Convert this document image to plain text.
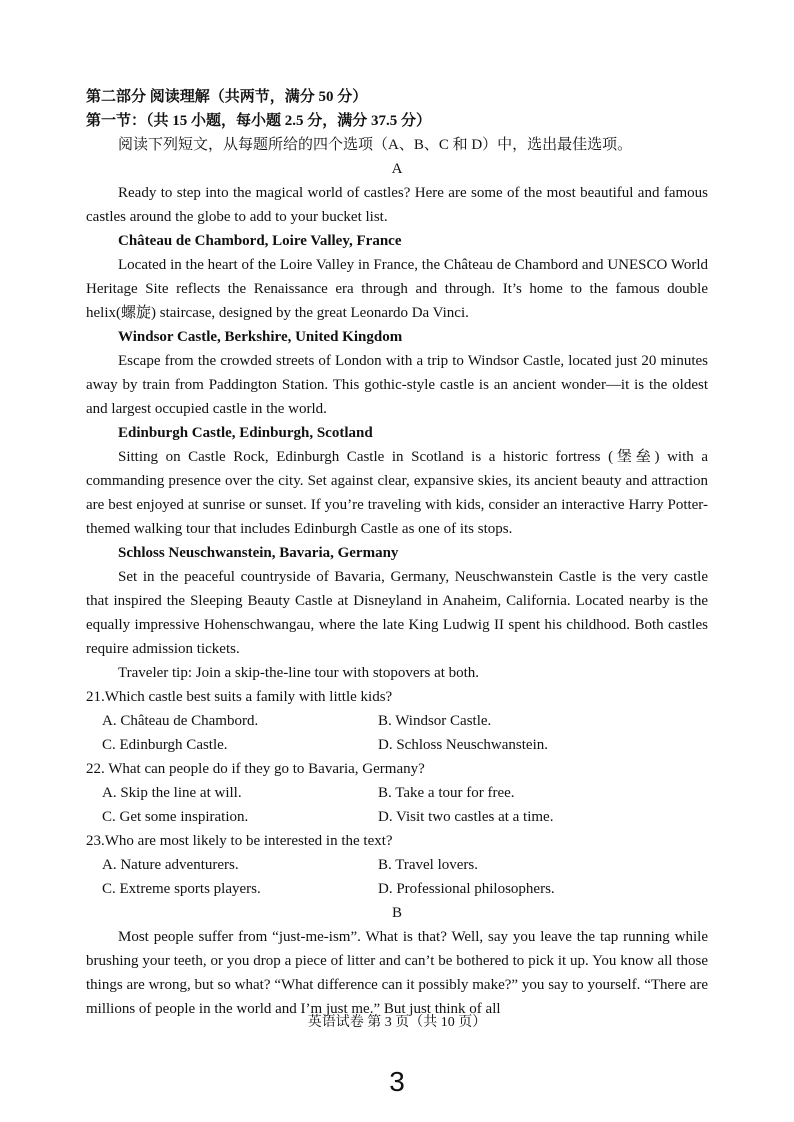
第二部分 阅读理解（共两节，满分 50 分）
第一节：（共 15 小题，每小题 2.5 分，满分 37.5 分）
阅读下列短文，从每题所给的四个选项（A、B、C 和 D）中，选出最佳选项。
A

Ready to step into the magical world of castles? Here are some of the most beautiful and famous castles around the globe to add to your bucket list.

Château de Chambord, Loire Valley, France

Located in the heart of the Loire Valley in France, the Château de Chambord and UNESCO World Heritage Site reflects the Renaissance era through and through. It’s home to the famous double helix(螺旋) staircase, designed by the great Leonardo Da Vinci.

Windsor Castle, Berkshire, United Kingdom

Escape from the crowded streets of London with a trip to Windsor Castle, located just 20 minutes away by train from Paddington Station. This gothic-style castle is an ancient wonder—it is the oldest and largest occupied castle in the world.

Edinburgh Castle, Edinburgh, Scotland

Sitting on Castle Rock, Edinburgh Castle in Scotland is a historic fortress (堡垒) with a commanding presence over the city. Set against clear, expansive skies, its ancient beauty and attraction are best enjoyed at sunrise or sunset. If you’re traveling with kids, consider an interactive Harry Potter-themed walking tour that includes Edinburgh Castle as one of its stops.

Schloss Neuschwanstein, Bavaria, Germany

Set in the peaceful countryside of Bavaria, Germany, Neuschwanstein Castle is the very castle that inspired the Sleeping Beauty Castle at Disneyland in Anaheim, California. Located nearby is the equally impressive Hohenschwangau, where the late King Ludwig II spent his childhood. Both castles require admission tickets.

Traveler tip: Join a skip-the-line tour with stopovers at both.
21.Which castle best suits a family with little kids?
A. Château de Chambord.	B. Windsor Castle.
C. Edinburgh Castle.	D. Schloss Neuschwanstein.
22. What can people do if they go to Bavaria, Germany?
A. Skip the line at will.	B. Take a tour for free.
C. Get some inspiration.	D. Visit two castles at a time.
23.Who are most likely to be interested in the text?
A. Nature adventurers.	B. Travel lovers.
C. Extreme sports players.	D. Professional philosophers.
B

Most people suffer from “just-me-ism”. What is that? Well, say you leave the tap running while brushing your teeth, or you drop a piece of litter and can’t be bothered to pick it up. You know all those things are wrong, but so what? “What difference can it possibly make?” you say to yourself. “There are millions of people in the world and I’m just me.” But just think of all

英语试卷 第 3 页（共 10 页）
3
